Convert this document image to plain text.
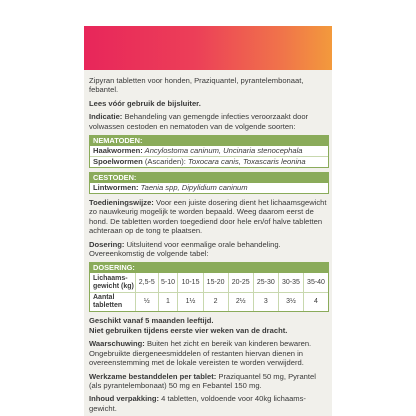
Zipyran tabletten voor honden, Praziquantel, pyrantelembonaat, febantel.

Lees vóór gebruik de bijsluiter.

Indicatie: Behandeling van gemengde infecties veroorzaakt door volwassen cestoden en nematoden van de volgende soorten:

NEMATODEN:
Haakwormen: Ancylostoma caninum, Uncinaria stenocephala
Spoelwormen (Ascariden): Toxocara canis, Toxascaris leonina
CESTODEN:
Lintwormen: Taenia spp, Dipylidium caninum

Toedieningswijze: Voor een juiste dosering dient het lichaamsgewicht zo nauwkeurig mogelijk te worden bepaald. Weeg daarom eerst de hond. De tabletten worden toegediend door hele en/of halve tabletten achteraan op de tong te plaatsen.

Dosering: Uitsluitend voor eenmalige orale behandeling. Overeenkomstig de volgende tabel:

DOSERING:
Lichaams-gewicht (kg)	2,5-5	5-10	10-15	15-20	20-25	25-30	30-35	35-40
Aantal tabletten	½	1	1½	2	2½	3	3½	4

Geschikt vanaf 5 maanden leeftijd.
Niet gebruiken tijdens eerste vier weken van de dracht.

Waarschuwing: Buiten het zicht en bereik van kinderen bewaren. Ongebruikte diergeneesmiddelen of restanten hiervan dienen in overeenstemming met de lokale vereisten te worden verwijderd.

Werkzame bestanddelen per tablet: Praziquantel 50 mg, Pyrantel (als pyrantelembonaat) 50 mg en Febantel 150 mg.

Inhoud verpakking: 4 tabletten, voldoende voor 40kg lichaams-gewicht.
